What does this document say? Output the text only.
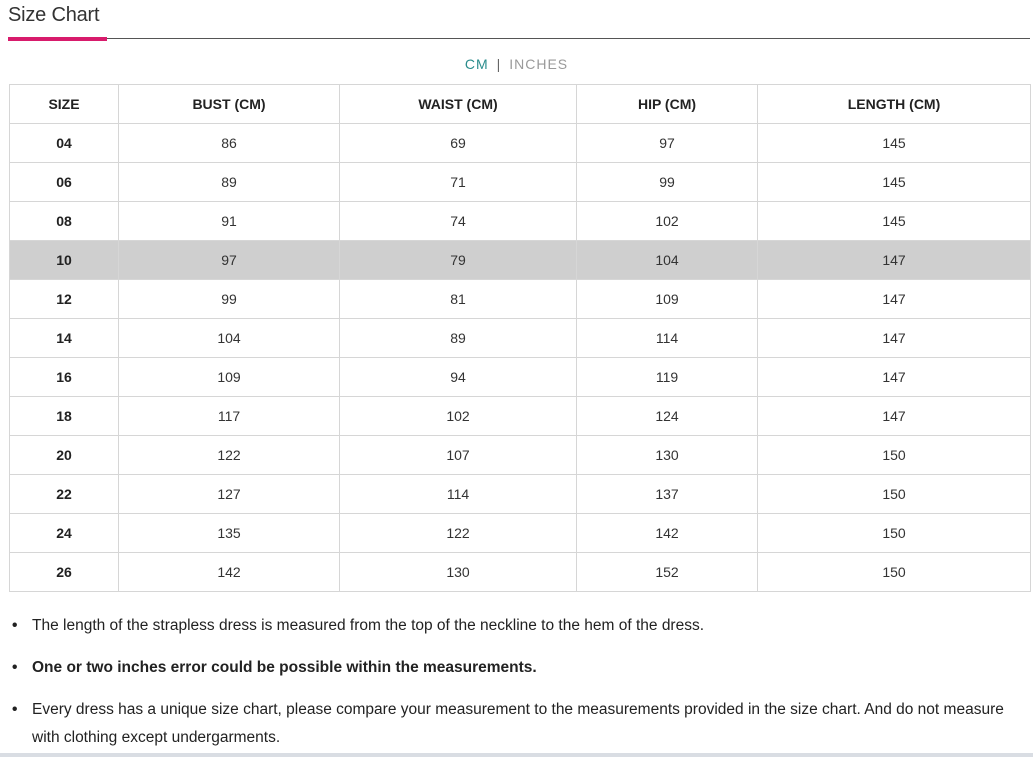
Size Chart
CM | INCHES
SIZE	BUST (CM)	WAIST (CM)	HIP (CM)	LENGTH (CM)
04	86	69	97	145
06	89	71	99	145
08	91	74	102	145
10	97	79	104	147
12	99	81	109	147
14	104	89	114	147
16	109	94	119	147
18	117	102	124	147
20	122	107	130	150
22	127	114	137	150
24	135	122	142	150
26	142	130	152	150
• The length of the strapless dress is measured from the top of the neckline to the hem of the dress.
• One or two inches error could be possible within the measurements.
• Every dress has a unique size chart, please compare your measurement to the measurements provided in the size chart. And do not measure with clothing except undergarments.
